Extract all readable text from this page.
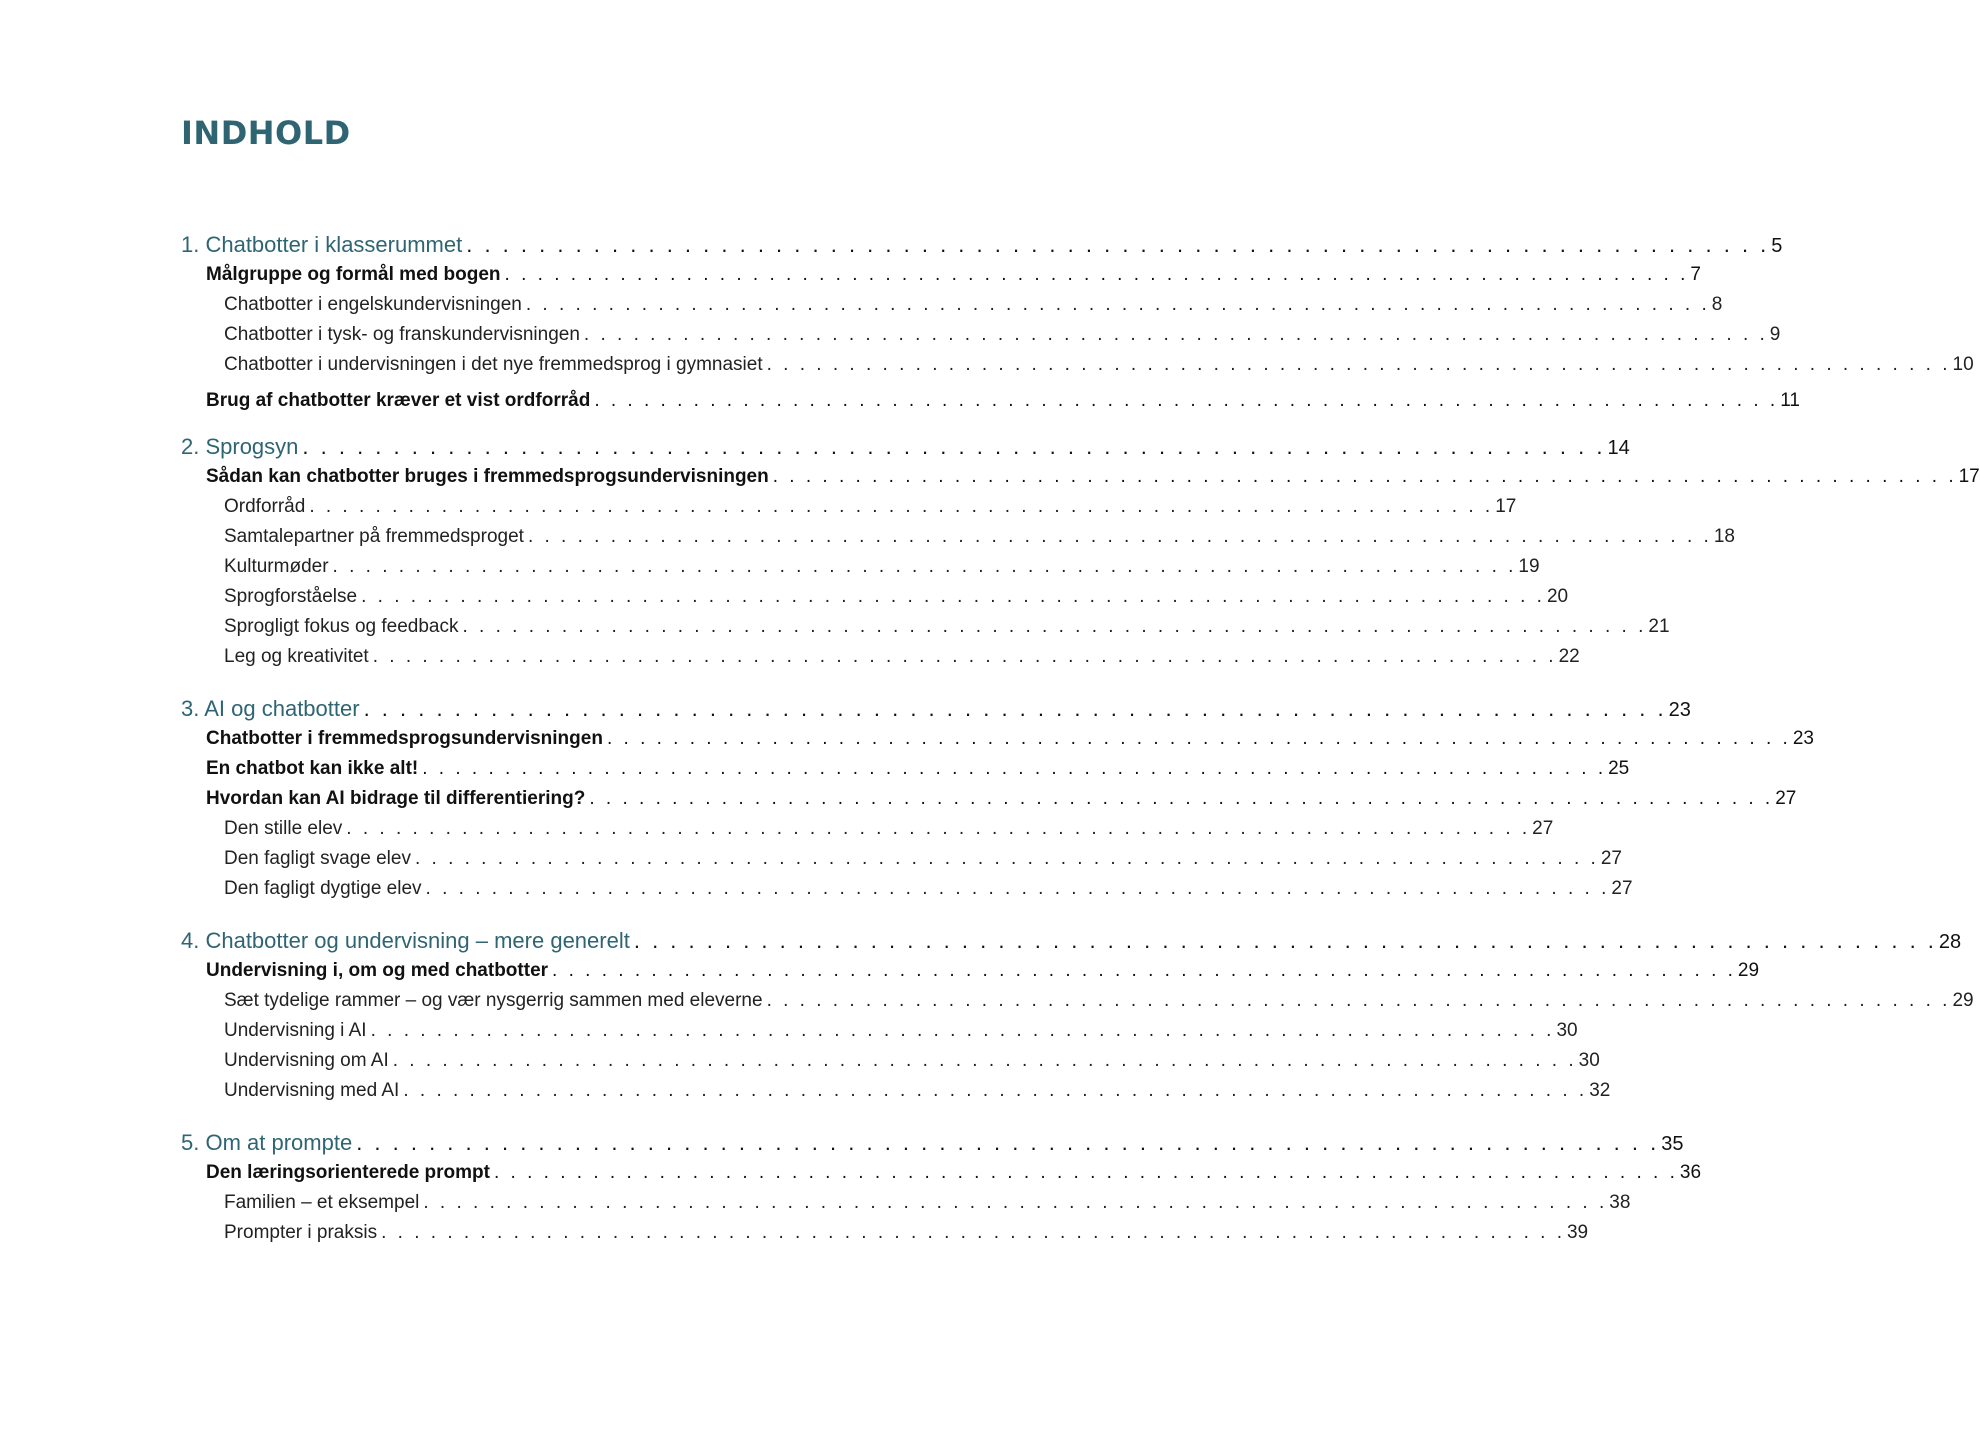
INDHOLD
1. Chatbotter i klasserummet . . . . . . . . . . . . . . . . . . . . . . . . . . . . . . . . . . . . . . . . . . . . . . . . . . . . . . . . . . . . . . . . . . . . . . . . 5
Målgruppe og formål med bogen . . . . . . . . . . . . . . . . . . . . . . . . . . . . . . . . . . . . . . . . . . . . . . . . . . . . . . . . . . . . . . . . . . . . . . . . 7
Chatbotter i engelskundervisningen . . . . . . . . . . . . . . . . . . . . . . . . . . . . . . . . . . . . . . . . . . . . . . . . . . . . . . . . . . . . . . . . . . . . . . . . 8
Chatbotter i tysk- og franskundervisningen . . . . . . . . . . . . . . . . . . . . . . . . . . . . . . . . . . . . . . . . . . . . . . . . . . . . . . . . . . . . . . . . . . . . . . . . 9
Chatbotter i undervisningen i det nye fremmedsprog i gymnasiet . . . . . . . . . . . . . . . . . . . . . . . . . . . . . . . . . . . . . . . . . . . . . . . . . . . . . . . . . . . . . . . . . . . . . . . . 10
Brug af chatbotter kræver et vist ordforråd . . . . . . . . . . . . . . . . . . . . . . . . . . . . . . . . . . . . . . . . . . . . . . . . . . . . . . . . . . . . . . . . . . . . . . . . 11
2. Sprogsyn . . . . . . . . . . . . . . . . . . . . . . . . . . . . . . . . . . . . . . . . . . . . . . . . . . . . . . . . . . . . . . . . . . . . . . . . 14
Sådan kan chatbotter bruges i fremmedsprogsundervisningen . . . . . . . . . . . . . . . . . . . . . . . . . . . . . . . . . . . . . . . . . . . . . . . . . . . . . . . . . . . . . . . . . . . . . . . . 17
Ordforråd . . . . . . . . . . . . . . . . . . . . . . . . . . . . . . . . . . . . . . . . . . . . . . . . . . . . . . . . . . . . . . . . . . . . . . . . 17
Samtalepartner på fremmedsproget . . . . . . . . . . . . . . . . . . . . . . . . . . . . . . . . . . . . . . . . . . . . . . . . . . . . . . . . . . . . . . . . . . . . . . . . 18
Kulturmøder . . . . . . . . . . . . . . . . . . . . . . . . . . . . . . . . . . . . . . . . . . . . . . . . . . . . . . . . . . . . . . . . . . . . . . . . 19
Sprogforståelse . . . . . . . . . . . . . . . . . . . . . . . . . . . . . . . . . . . . . . . . . . . . . . . . . . . . . . . . . . . . . . . . . . . . . . . . 20
Sprogligt fokus og feedback . . . . . . . . . . . . . . . . . . . . . . . . . . . . . . . . . . . . . . . . . . . . . . . . . . . . . . . . . . . . . . . . . . . . . . . . 21
Leg og kreativitet . . . . . . . . . . . . . . . . . . . . . . . . . . . . . . . . . . . . . . . . . . . . . . . . . . . . . . . . . . . . . . . . . . . . . . . . 22
3. AI og chatbotter . . . . . . . . . . . . . . . . . . . . . . . . . . . . . . . . . . . . . . . . . . . . . . . . . . . . . . . . . . . . . . . . . . . . . . . . 23
Chatbotter i fremmedsprogsundervisningen . . . . . . . . . . . . . . . . . . . . . . . . . . . . . . . . . . . . . . . . . . . . . . . . . . . . . . . . . . . . . . . . . . . . . . . . 23
En chatbot kan ikke alt! . . . . . . . . . . . . . . . . . . . . . . . . . . . . . . . . . . . . . . . . . . . . . . . . . . . . . . . . . . . . . . . . . . . . . . . . 25
Hvordan kan AI bidrage til differentiering? . . . . . . . . . . . . . . . . . . . . . . . . . . . . . . . . . . . . . . . . . . . . . . . . . . . . . . . . . . . . . . . . . . . . . . . . 27
Den stille elev . . . . . . . . . . . . . . . . . . . . . . . . . . . . . . . . . . . . . . . . . . . . . . . . . . . . . . . . . . . . . . . . . . . . . . . . 27
Den fagligt svage elev . . . . . . . . . . . . . . . . . . . . . . . . . . . . . . . . . . . . . . . . . . . . . . . . . . . . . . . . . . . . . . . . . . . . . . . . 27
Den fagligt dygtige elev . . . . . . . . . . . . . . . . . . . . . . . . . . . . . . . . . . . . . . . . . . . . . . . . . . . . . . . . . . . . . . . . . . . . . . . . 27
4. Chatbotter og undervisning – mere generelt . . . . . . . . . . . . . . . . . . . . . . . . . . . . . . . . . . . . . . . . . . . . . . . . . . . . . . . . . . . . . . . . . . . . . . . . 28
Undervisning i, om og med chatbotter . . . . . . . . . . . . . . . . . . . . . . . . . . . . . . . . . . . . . . . . . . . . . . . . . . . . . . . . . . . . . . . . . . . . . . . . 29
Sæt tydelige rammer – og vær nysgerrig sammen med eleverne . . . . . . . . . . . . . . . . . . . . . . . . . . . . . . . . . . . . . . . . . . . . . . . . . . . . . . . . . . . . . . . . . . . . . . . . 29
Undervisning i AI . . . . . . . . . . . . . . . . . . . . . . . . . . . . . . . . . . . . . . . . . . . . . . . . . . . . . . . . . . . . . . . . . . . . . . . . 30
Undervisning om AI . . . . . . . . . . . . . . . . . . . . . . . . . . . . . . . . . . . . . . . . . . . . . . . . . . . . . . . . . . . . . . . . . . . . . . . . 30
Undervisning med AI . . . . . . . . . . . . . . . . . . . . . . . . . . . . . . . . . . . . . . . . . . . . . . . . . . . . . . . . . . . . . . . . . . . . . . . . 32
5. Om at prompte . . . . . . . . . . . . . . . . . . . . . . . . . . . . . . . . . . . . . . . . . . . . . . . . . . . . . . . . . . . . . . . . . . . . . . . . 35
Den læringsorienterede prompt . . . . . . . . . . . . . . . . . . . . . . . . . . . . . . . . . . . . . . . . . . . . . . . . . . . . . . . . . . . . . . . . . . . . . . . . 36
Familien – et eksempel . . . . . . . . . . . . . . . . . . . . . . . . . . . . . . . . . . . . . . . . . . . . . . . . . . . . . . . . . . . . . . . . . . . . . . . . 38
Prompter i praksis . . . . . . . . . . . . . . . . . . . . . . . . . . . . . . . . . . . . . . . . . . . . . . . . . . . . . . . . . . . . . . . . . . . . . . . . 39
